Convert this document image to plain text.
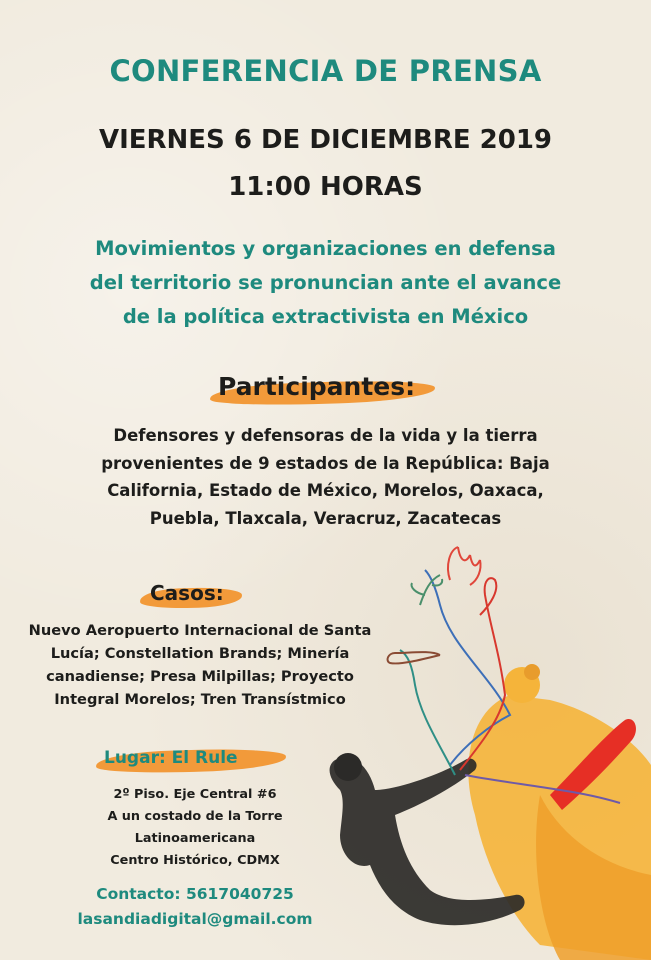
CONFERENCIA DE PRENSA
VIERNES 6 DE DICIEMBRE 2019
11:00 HORAS
Movimientos y organizaciones en defensa
del territorio se pronuncian ante el avance
de la política extractivista en México
Participantes:
Defensores y defensoras de la vida y la tierra
provenientes de 9 estados de la República: Baja
California, Estado de México, Morelos, Oaxaca,
Puebla, Tlaxcala, Veracruz, Zacatecas
Casos:
Nuevo Aeropuerto Internacional de Santa
Lucía; Constellation Brands; Minería
canadiense; Presa Milpillas; Proyecto
Integral Morelos; Tren Transístmico
Lugar: El Rule
2º Piso. Eje Central #6
A un costado de la Torre
Latinoamericana
Centro Histórico, CDMX
Contacto: 5617040725
lasandiadigital@gmail.com
